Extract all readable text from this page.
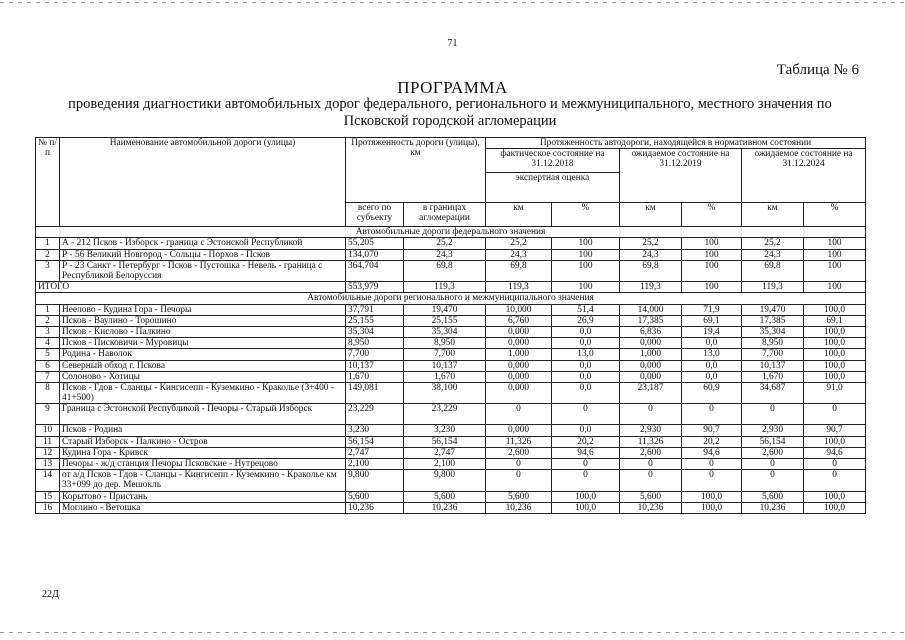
71
Таблица № 6
ПРОГРАММА
проведения диагностики автомобильных дорог федерального, регионального и межмуниципального, местного значения по
Псковской городской агломерации
№ п/п	Наименование автомобильной дороги (улицы)	Протяженность дороги (улицы), км		Протяженность автодороги, находящейся в нормативном состоянии					
				фактическое состояние на 31.12.2018		ожидаемое состояние на 31.12.2019		ожидаемое состояние на 31.12.2024	
				экспертная оценка					
		всего по субъекту	в границах агломерации	км	%	км	%	км	%
Автомобильные дороги федерального значения									
1	А - 212 Псков - Изборск - граница с Эстонской Республикой	55,205	25,2	25,2	100	25,2	100	25,2	100
2	Р - 56 Великий Новгород - Сольцы - Порхов - Псков	134,070	24,3	24,3	100	24,3	100	24,3	100
3	Р - 23 Санкт - Петербург - Псков - Пустошка - Невель - граница с Республикой Белоруссия	364,704	69,8	69,8	100	69,8	100	69,8	100
ИТОГО		553,979	119,3	119,3	100	119,3	100	119,3	100
Автомобильные дороги регионального и межмуниципального значения									
1	Неелово - Кудина Гора - Печоры	37,791	19,470	10,000	51,4	14,000	71,9	19,470	100,0
2	Псков - Ваулино - Торошино	25,155	25,155	6,760	26,9	17,385	69,1	17,385	69,1
3	Псков - Кислово - Палкино	35,304	35,304	0,000	0,0	6,836	19,4	35,304	100,0
4	Псков - Писковичи - Муровицы	8,950	8,950	0,000	0,0	0,000	0,0	8,950	100,0
5	Родина - Наволок	7,700	7,700	1,000	13,0	1,000	13,0	7,700	100,0
6	Северный обход г. Пскова	10,137	10,137	0,000	0,0	0,000	0,0	10,137	100,0
7	Солоново - Хотицы	1,670	1,670	0,000	0,0	0,000	0,0	1,670	100,0
8	Псков - Гдов - Сланцы - Кингисепп - Куземкино - Краколье (3+400 - 41+500)	149,081	38,100	0,000	0,0	23,187	60,9	34,687	91,0
9	Граница с Эстонской Республикой - Печоры - Старый Изборск	23,229	23,229	0	0	0	0	0	0
10	Псков - Родина	3,230	3,230	0,000	0,0	2,930	90,7	2,930	90,7
11	Старый Изборск - Палкино - Остров	56,154	56,154	11,326	20,2	11,326	20,2	56,154	100,0
12	Кудина Гора - Кривск	2,747	2,747	2,600	94,6	2,600	94,6	2,600	94,6
13	Печоры - ж/д станция Печоры Псковские - Нутрецово	2,100	2,100	0	0	0	0	0	0
14	от а/д Псков - Гдов - Сланцы - Кингисепп - Куземкино - Краколье км 33+099 до дер. Мешокль	9,800	9,800	0	0	0	0	0	0
15	Корытово - Пристань	5,600	5,600	5,600	100,0	5,600	100,0	5,600	100,0
16	Моглино - Ветошка	10,236	10,236	10,236	100,0	10,236	100,0	10,236	100,0
22Д
